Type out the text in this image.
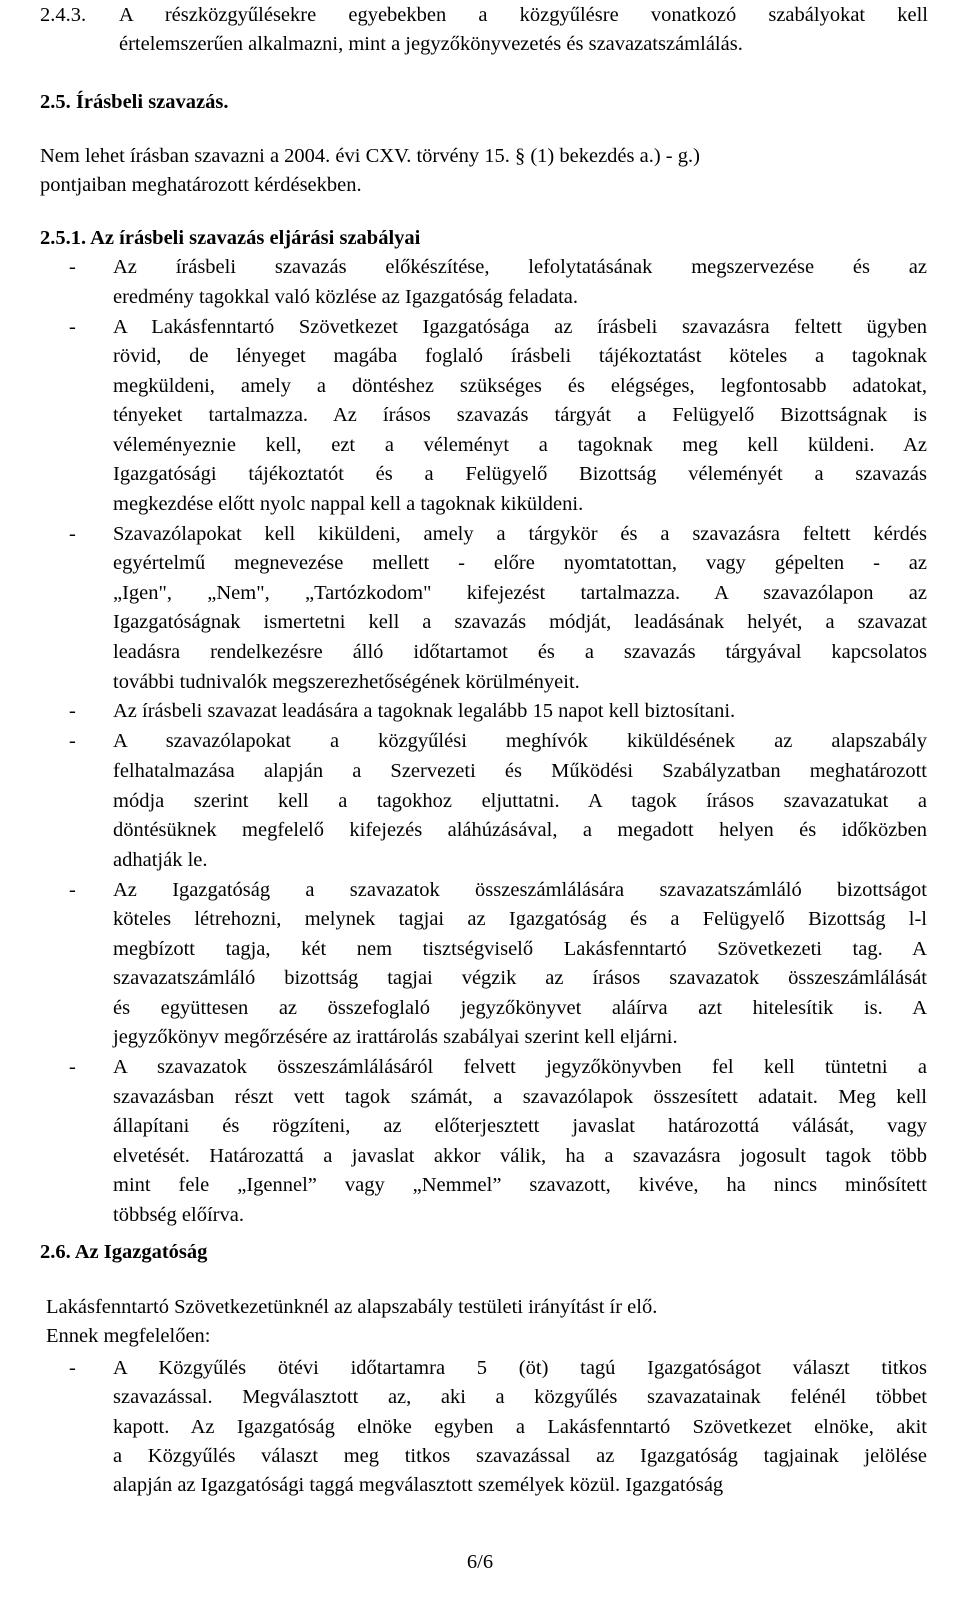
2.4.3. A részközgyűlésekre egyebekben a közgyűlésre vonatkozó szabályokat kell
értelemszerűen alkalmazni, mint a jegyzőkönyvezetés és szavazatszámlálás.
2.5. Írásbeli szavazás.
Nem lehet írásban szavazni a 2004. évi CXV. törvény 15. § (1) bekezdés a.) - g.)
pontjaiban meghatározott kérdésekben.
2.5.1. Az írásbeli szavazás eljárási szabályai
- Az írásbeli szavazás előkészítése, lefolytatásának megszervezése és az
eredmény tagokkal való közlése az Igazgatóság feladata.
- A Lakásfenntartó Szövetkezet Igazgatósága az írásbeli szavazásra feltett ügyben
rövid, de lényeget magába foglaló írásbeli tájékoztatást köteles a tagoknak
megküldeni, amely a döntéshez szükséges és elégséges, legfontosabb adatokat,
tényeket tartalmazza. Az írásos szavazás tárgyát a Felügyelő Bizottságnak is
véleményeznie kell, ezt a véleményt a tagoknak meg kell küldeni. Az
Igazgatósági tájékoztatót és a Felügyelő Bizottság véleményét a szavazás
megkezdése előtt nyolc nappal kell a tagoknak kiküldeni.
- Szavazólapokat kell kiküldeni, amely a tárgykör és a szavazásra feltett kérdés
egyértelmű megnevezése mellett - előre nyomtatottan, vagy gépelten - az
„Igen", „Nem", „Tartózkodom" kifejezést tartalmazza. A szavazólapon az
Igazgatóságnak ismertetni kell a szavazás módját, leadásának helyét, a szavazat
leadásra rendelkezésre álló időtartamot és a szavazás tárgyával kapcsolatos
további tudnivalók megszerezhetőségének körülményeit.
- Az írásbeli szavazat leadására a tagoknak legalább 15 napot kell biztosítani.
- A szavazólapokat a közgyűlési meghívók kiküldésének az alapszabály
felhatalmazása alapján a Szervezeti és Működési Szabályzatban meghatározott
módja szerint kell a tagokhoz eljuttatni. A tagok írásos szavazatukat a
döntésüknek megfelelő kifejezés aláhúzásával, a megadott helyen és időközben
adhatják le.
- Az Igazgatóság a szavazatok összeszámlálására szavazatszámláló bizottságot
köteles létrehozni, melynek tagjai az Igazgatóság és a Felügyelő Bizottság l-l
megbízott tagja, két nem tisztségviselő Lakásfenntartó Szövetkezeti tag. A
szavazatszámláló bizottság tagjai végzik az írásos szavazatok összeszámlálását
és együttesen az összefoglaló jegyzőkönyvet aláírva azt hitelesítik is. A
jegyzőkönyv megőrzésére az irattárolás szabályai szerint kell eljárni.
- A szavazatok összeszámlálásáról felvett jegyzőkönyvben fel kell tüntetni a
szavazásban részt vett tagok számát, a szavazólapok összesített adatait. Meg kell
állapítani és rögzíteni, az előterjesztett javaslat határozottá válását, vagy
elvetését. Határozattá a javaslat akkor válik, ha a szavazásra jogosult tagok több
mint fele „Igennel” vagy „Nemmel” szavazott, kivéve, ha nincs minősített
többség előírva.
2.6. Az Igazgatóság
Lakásfenntartó Szövetkezetünknél az alapszabály testületi irányítást ír elő.
Ennek megfelelően:
- A Közgyűlés ötévi időtartamra 5 (öt) tagú Igazgatóságot választ titkos
szavazással. Megválasztott az, aki a közgyűlés szavazatainak felénél többet
kapott. Az Igazgatóság elnöke egyben a Lakásfenntartó Szövetkezet elnöke, akit
a Közgyűlés választ meg titkos szavazással az Igazgatóság tagjainak jelölése
alapján az Igazgatósági taggá megválasztott személyek közül. Igazgatóság
6/6
